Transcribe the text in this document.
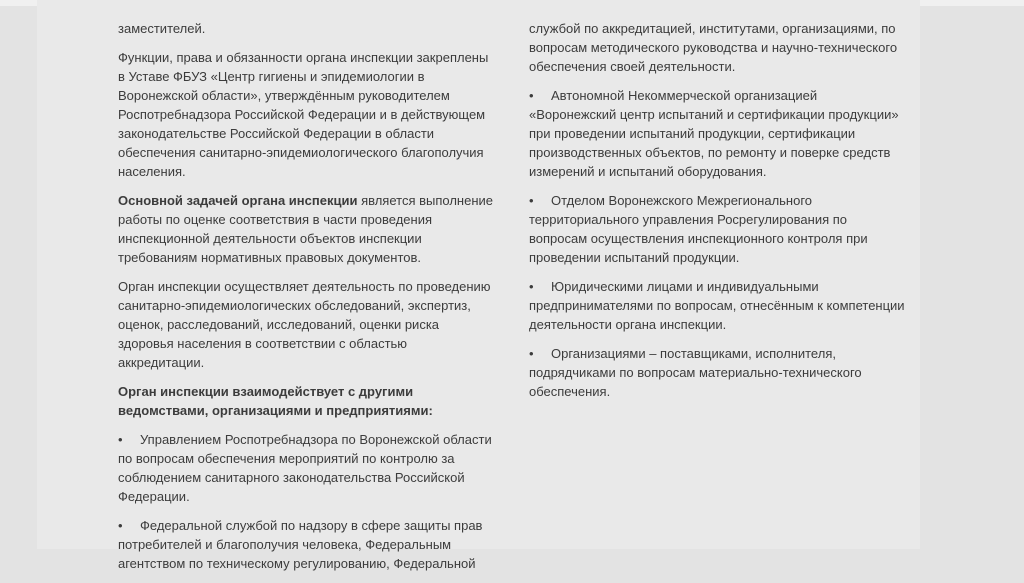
заместителей.

Функции, права и обязанности органа инспекции закреплены в Уставе ФБУЗ «Центр гигиены и эпидемиологии в Воронежской области», утверждённым руководителем Роспотребнадзора Российской Федерации и в действующем законодательстве Российской Федерации в области обеспечения санитарно-эпидемиологического благополучия населения.

Основной задачей органа инспекции является выполнение работы по оценке соответствия в части проведения инспекционной деятельности объектов инспекции требованиям нормативных правовых документов.

Орган инспекции осуществляет деятельность по проведению санитарно-эпидемиологических обследований, экспертиз, оценок, расследований, исследований, оценки риска здоровья населения в соответствии с областью аккредитации.

Орган инспекции взаимодействует с другими ведомствами, организациями и предприятиями:

• Управлением Роспотребнадзора по Воронежской области по вопросам обеспечения мероприятий по контролю за соблюдением санитарного законодательства Российской Федерации.

• Федеральной службой по надзору в сфере защиты прав потребителей и благополучия человека, Федеральным агентством по техническому регулированию, Федеральной

службой по аккредитацией, институтами, организациями, по вопросам методического руководства и научно-технического обеспечения своей деятельности.

• Автономной Некоммерческой организацией «Воронежский центр испытаний и сертификации продукции» при проведении испытаний продукции, сертификации производственных объектов, по ремонту и поверке средств измерений и испытаний оборудования.

• Отделом Воронежского Межрегионального территориального управления Росрегулирования по вопросам осуществления инспекционного контроля при проведении испытаний продукции.

• Юридическими лицами и индивидуальными предпринимателями по вопросам, отнесённым к компетенции деятельности органа инспекции.

• Организациями – поставщиками, исполнителя, подрядчиками по вопросам материально-технического обеспечения.
